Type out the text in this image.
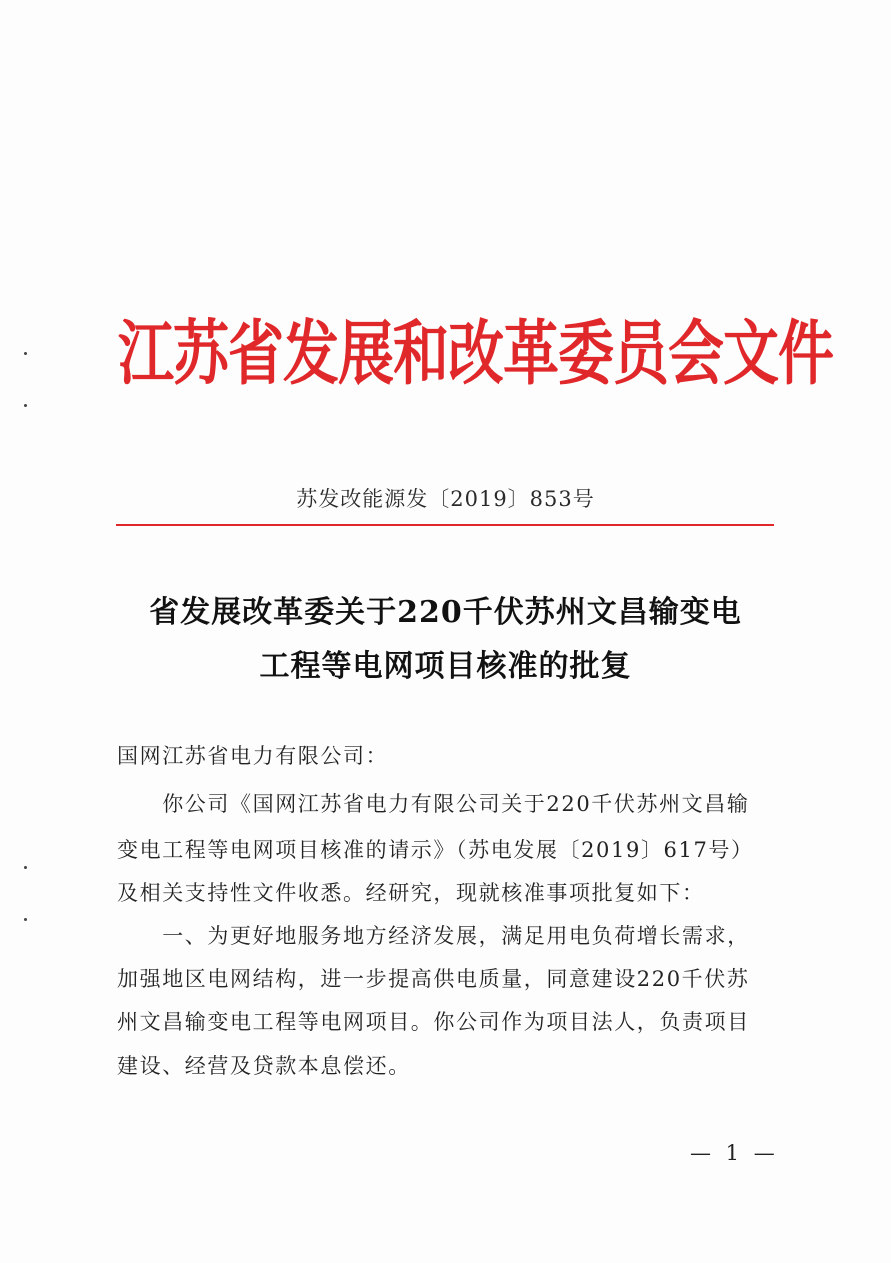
江苏省发展和改革委员会文件
苏发改能源发〔2019〕853号
省发展改革委关于220千伏苏州文昌输变电
工程等电网项目核准的批复
国网江苏省电力有限公司：
　　你公司《国网江苏省电力有限公司关于220千伏苏州文昌输
变电工程等电网项目核准的请示》（苏电发展〔2019〕617号）
及相关支持性文件收悉。经研究，现就核准事项批复如下：
　　一、为更好地服务地方经济发展，满足用电负荷增长需求，
加强地区电网结构，进一步提高供电质量，同意建设220千伏苏
州文昌输变电工程等电网项目。你公司作为项目法人，负责项目
建设、经营及贷款本息偿还。
— 1 —
